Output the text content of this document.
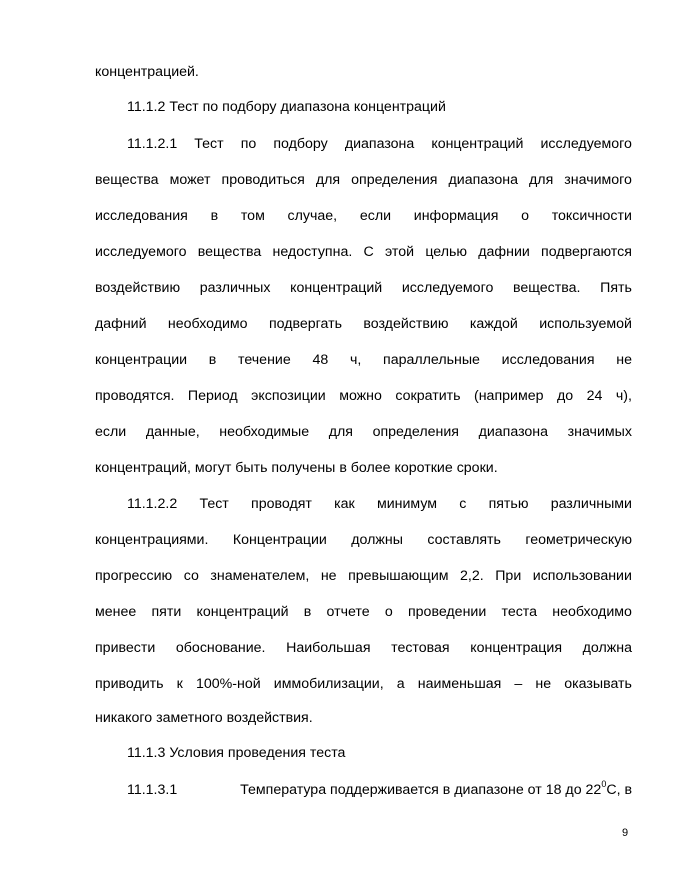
концентрацией.

11.1.2 Тест по подбору диапазона концентраций

11.1.2.1 Тест по подбору диапазона концентраций исследуемого

вещества может проводиться для определения диапазона для значимого

исследования в том случае, если информация о токсичности

исследуемого вещества недоступна. С этой целью дафнии подвергаются

воздействию различных концентраций исследуемого вещества. Пять

дафний необходимо подвергать воздействию каждой используемой

концентрации в течение 48 ч, параллельные исследования не

проводятся. Период экспозиции можно сократить (например до 24 ч),

если данные, необходимые для определения диапазона значимых

концентраций, могут быть получены в более короткие сроки.

11.1.2.2 Тест проводят как минимум с пятью различными

концентрациями. Концентрации должны составлять геометрическую

прогрессию со знаменателем, не превышающим 2,2. При использовании

менее пяти концентраций в отчете о проведении теста необходимо

привести обоснование. Наибольшая тестовая концентрация должна

приводить к 100%-ной иммобилизации, а наименьшая – не оказывать

никакого заметного воздействия.

11.1.3 Условия проведения теста

11.1.3.1	Температура поддерживается в диапазоне от 18 до $22^0С$, в

9
